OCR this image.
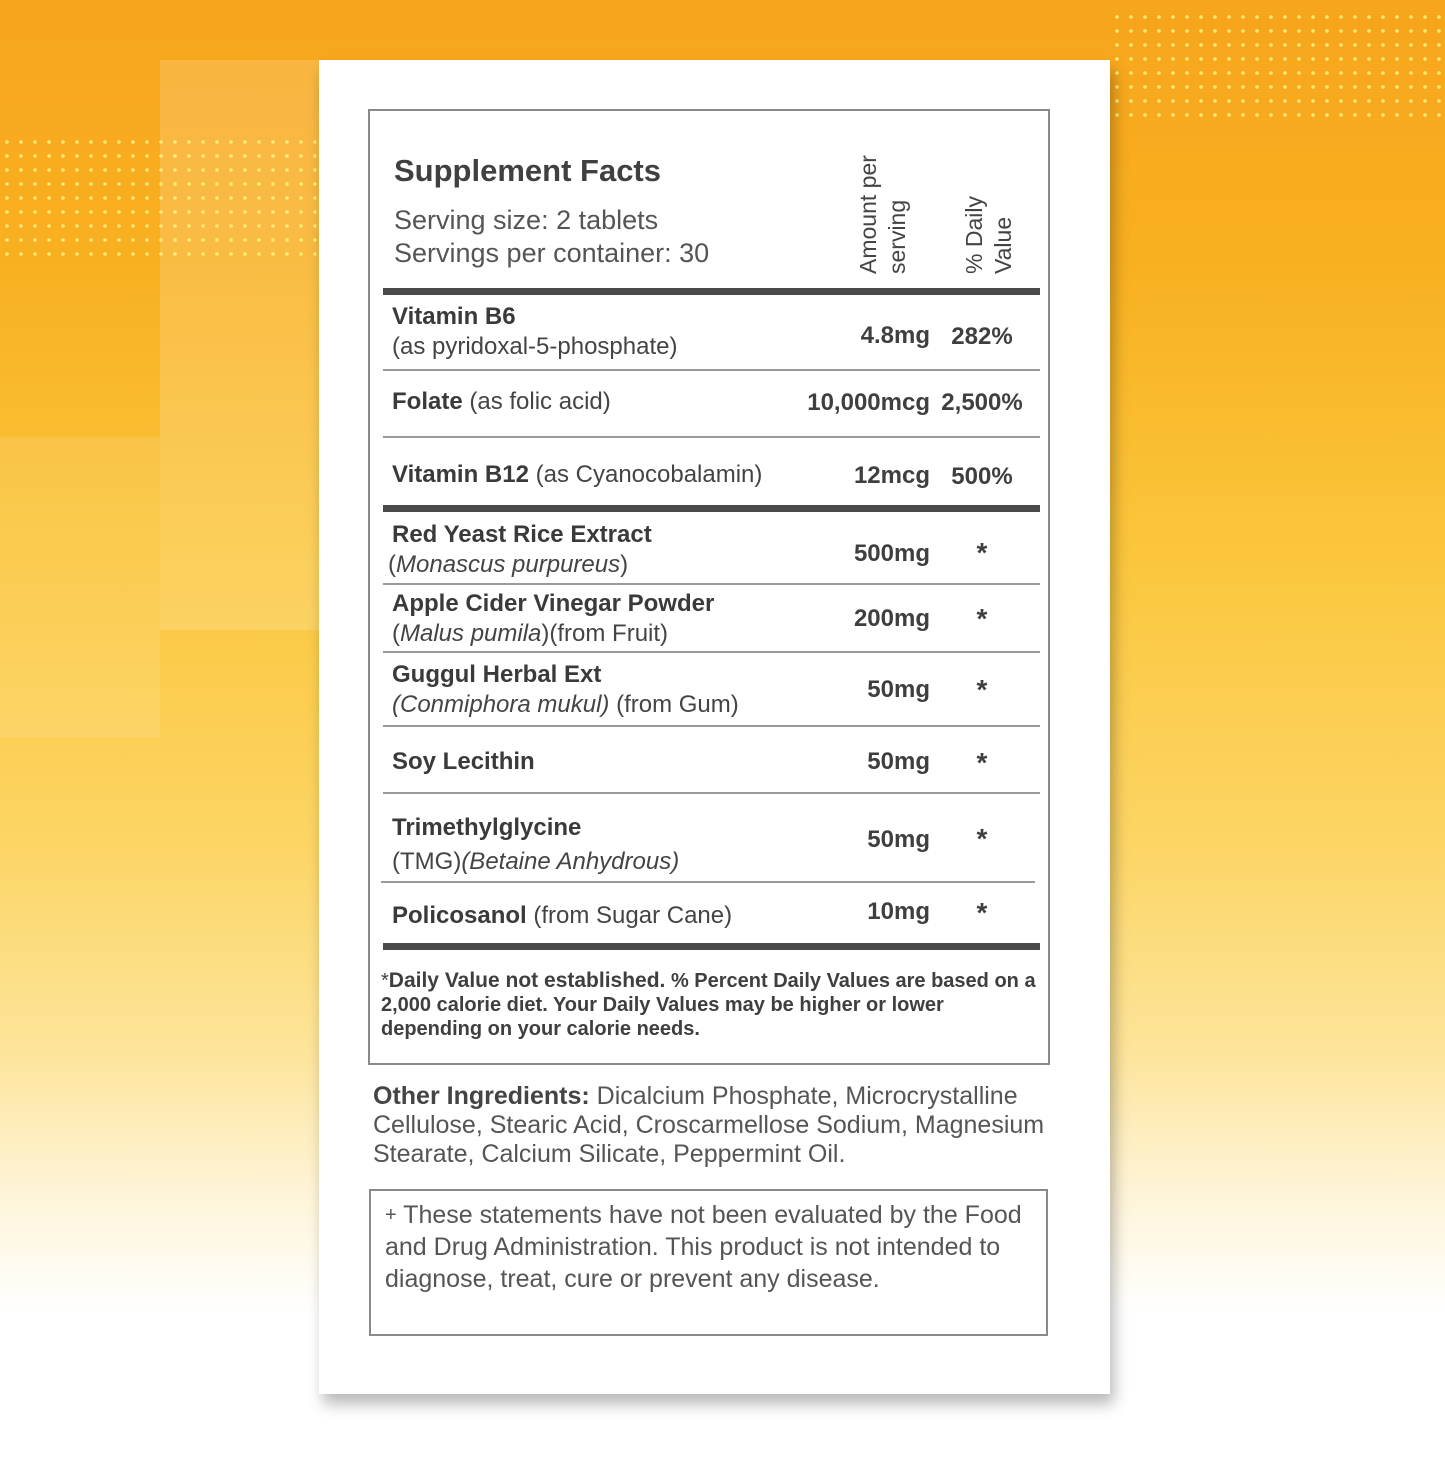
Supplement Facts
Serving size: 2 tablets
Servings per container: 30	Amount per serving % Daily Value
Vitamin B6
(as pyridoxal-5-phosphate)	4.8mg 282%
Folate (as folic acid)	10,000mcg 2,500%
Vitamin B12 (as Cyanocobalamin)	12mcg 500%
Red Yeast Rice Extract
(Monascus purpureus)	500mg	*
Apple Cider Vinegar Powder
(Malus pumila)(from Fruit)
200mg	*
Guggul Herbal Ext
(Conmiphora mukul) (from Gum)
50mg	*
Soy Lecithin	50mg	*
Trimethylglycine
(TMG)(Betaine Anhydrous)
50mg	*
Policosanol (from Sugar Cane)	10mg	*
*Daily Value not established. % Percent Daily Values are based on a 2,000 calorie diet. Your Daily Values may be higher or lower depending on your calorie needs.
Other Ingredients: Dicalcium Phosphate, Microcrystalline Cellulose, Stearic Acid, Croscarmellose Sodium, Magnesium Stearate, Calcium Silicate, Peppermint Oil.

+ These statements have not been evaluated by the Food and Drug Administration. This product is not intended to diagnose, treat, cure or prevent any disease.
